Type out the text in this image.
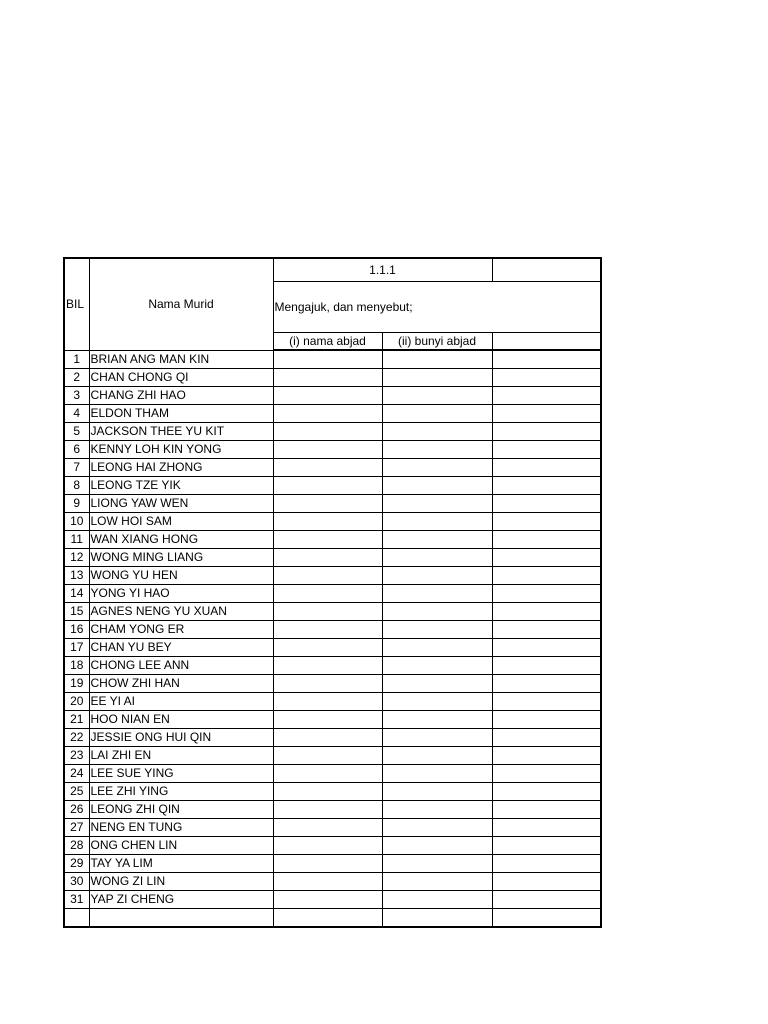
BIL	Nama Murid	1.1.1		
		Mengajuk, dan menyebut;		
		(i) nama abjad	(ii) bunyi abjad	
1	BRIAN ANG MAN KIN			
2	CHAN CHONG QI			
3	CHANG ZHI HAO			
4	ELDON THAM			
5	JACKSON THEE YU KIT			
6	KENNY LOH KIN YONG			
7	LEONG HAI ZHONG			
8	LEONG TZE YIK			
9	LIONG YAW WEN			
10	LOW HOI SAM			
11	WAN XIANG HONG			
12	WONG MING LIANG			
13	WONG YU HEN			
14	YONG YI HAO			
15	AGNES NENG YU XUAN			
16	CHAM YONG ER			
17	CHAN YU BEY			
18	CHONG LEE ANN			
19	CHOW ZHI HAN			
20	EE YI AI			
21	HOO NIAN EN			
22	JESSIE ONG HUI QIN			
23	LAI ZHI EN			
24	LEE SUE YING			
25	LEE ZHI YING			
26	LEONG ZHI QIN			
27	NENG EN TUNG			
28	ONG CHEN LIN			
29	TAY YA LIM			
30	WONG ZI LIN			
31	YAP ZI CHENG			
